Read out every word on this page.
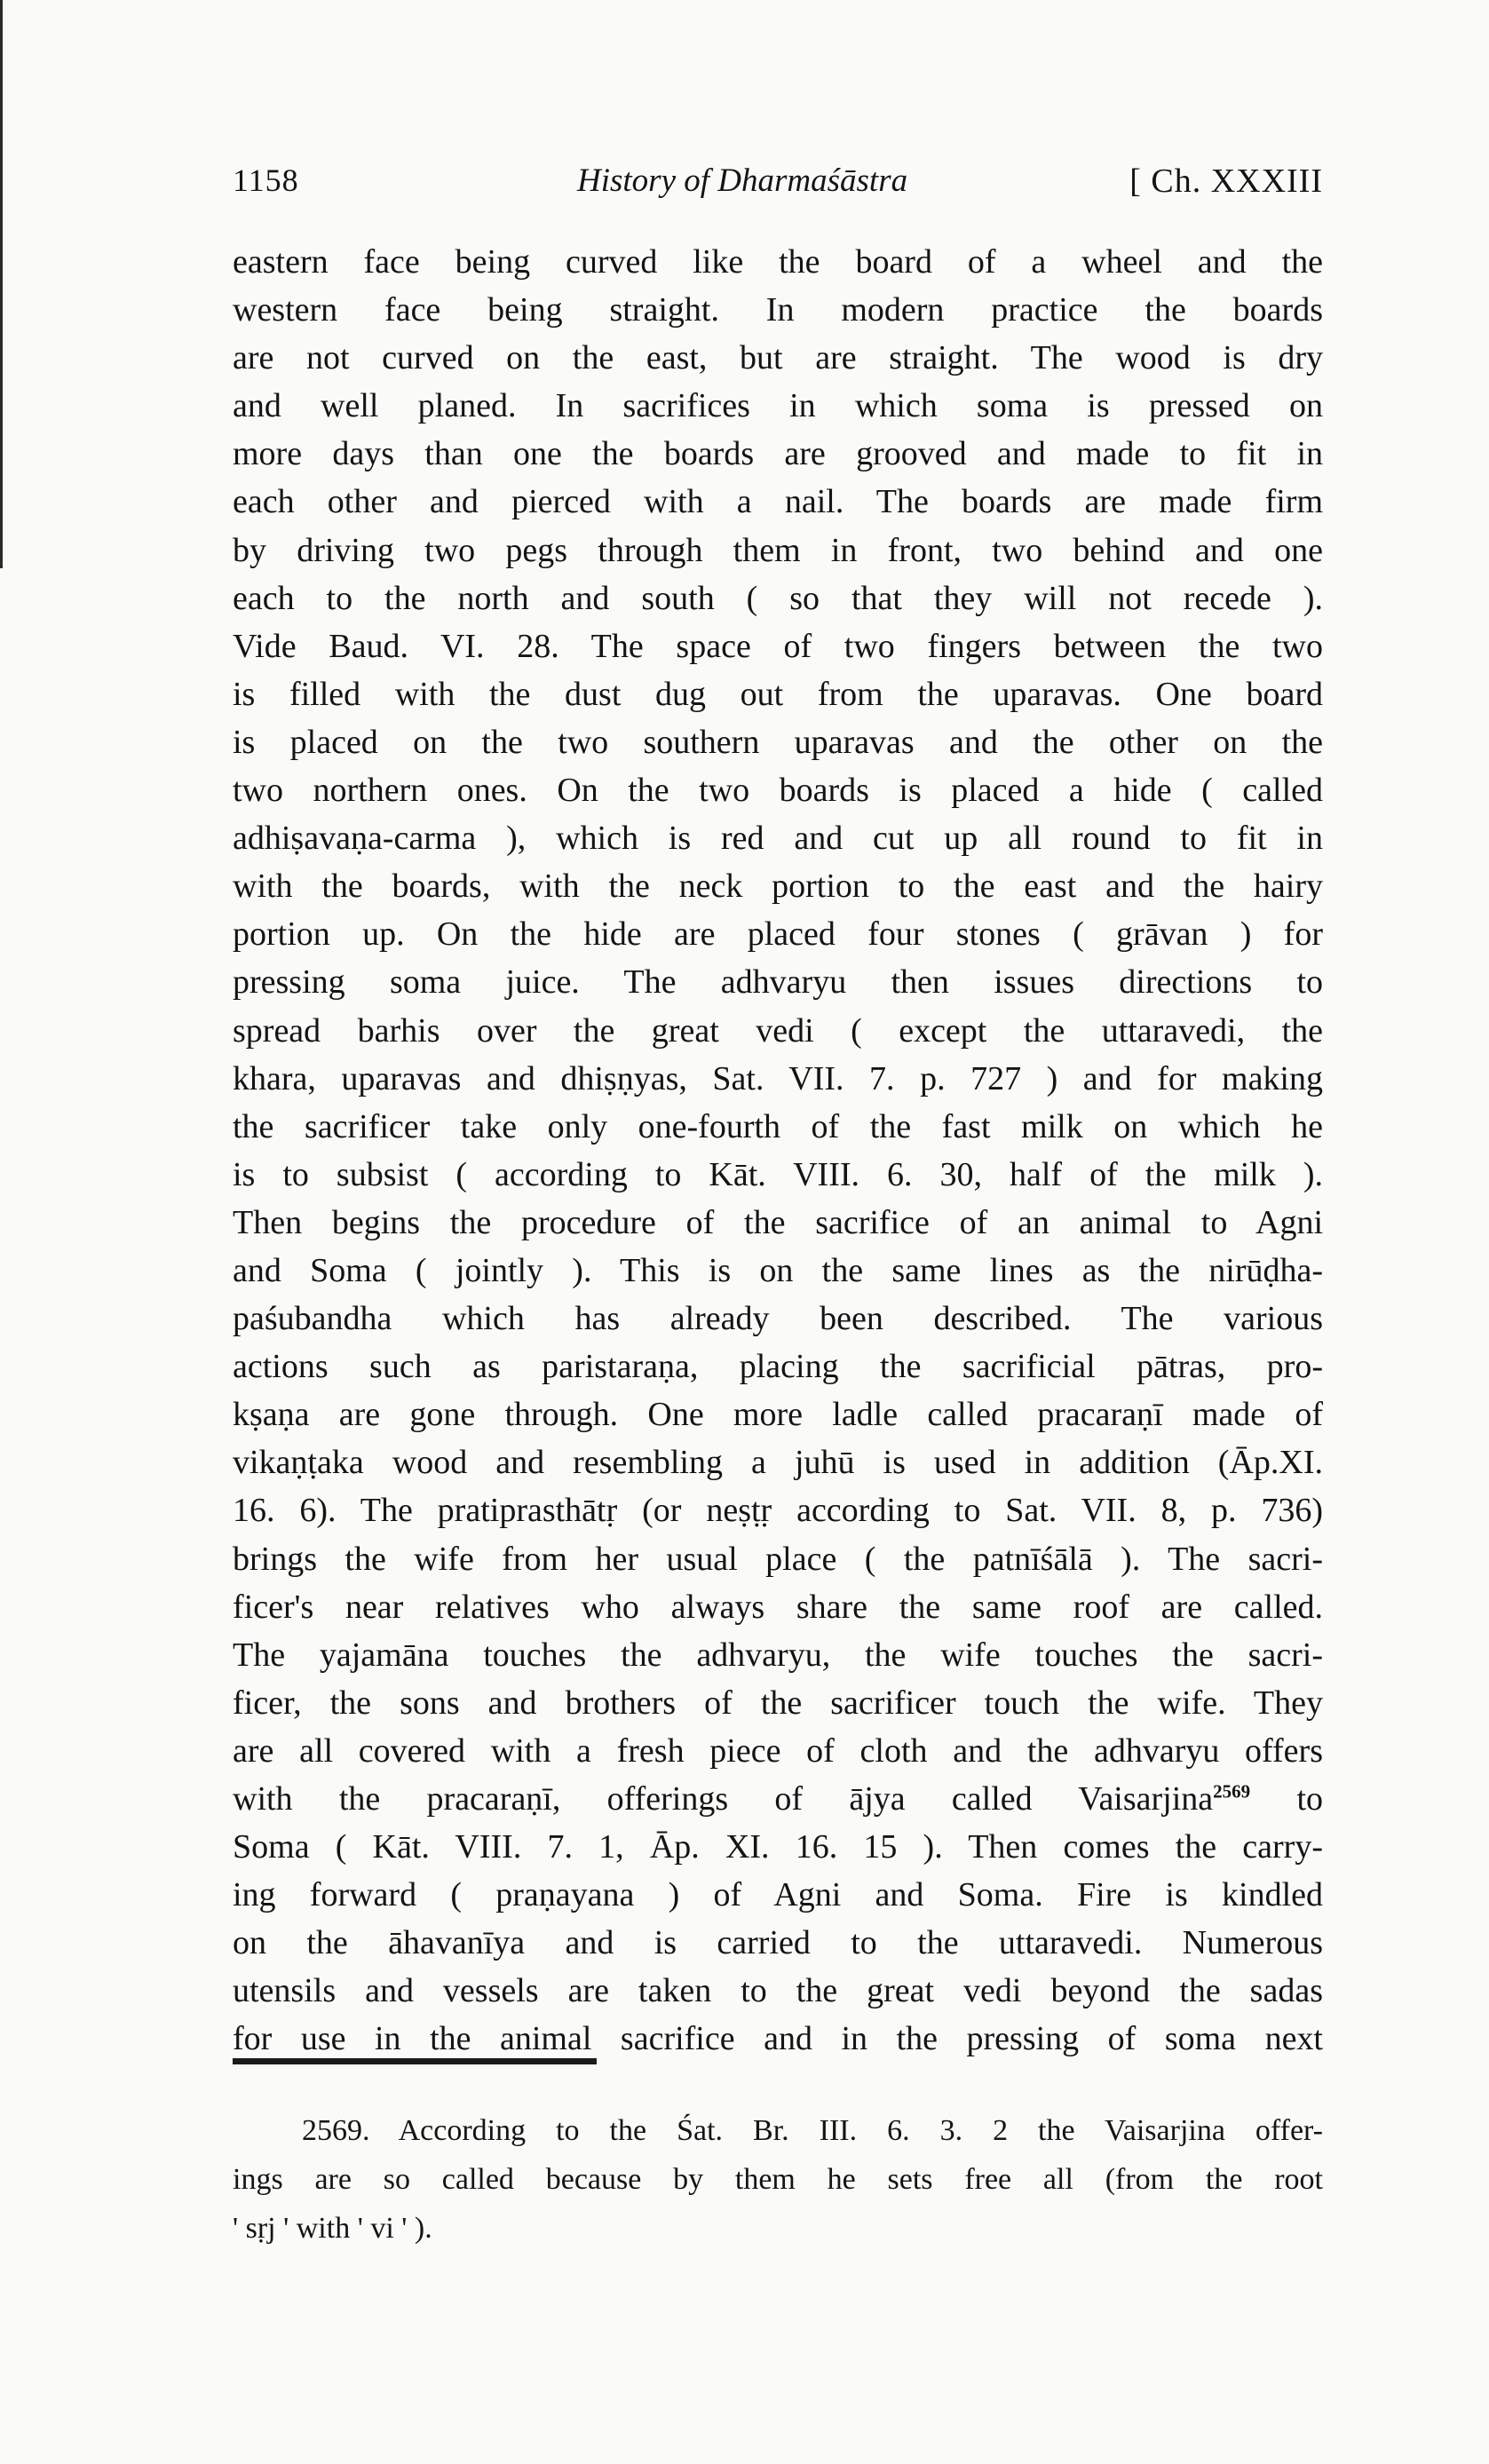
1158	History of Dharmaśāstra	[ Ch. XXXIII
eastern face being curved like the board of a wheel and the
western face being straight. In modern practice the boards
are not curved on the east, but are straight. The wood is dry
and well planed. In sacrifices in which soma is pressed on
more days than one the boards are grooved and made to fit in
each other and pierced with a nail. The boards are made firm
by driving two pegs through them in front, two behind and one
each to the north and south ( so that they will not recede ).
Vide Baud. VI. 28. The space of two fingers between the two
is filled with the dust dug out from the uparavas. One board
is placed on the two southern uparavas and the other on the
two northern ones. On the two boards is placed a hide ( called
adhiṣavaṇa-carma ), which is red and cut up all round to fit in
with the boards, with the neck portion to the east and the hairy
portion up. On the hide are placed four stones ( grāvan ) for
pressing soma juice. The adhvaryu then issues directions to
spread barhis over the great vedi ( except the uttaravedi, the
khara, uparavas and dhiṣṇyas, Sat. VII. 7. p. 727 ) and for making
the sacrificer take only one-fourth of the fast milk on which he
is to subsist ( according to Kāt. VIII. 6. 30, half of the milk ).
Then begins the procedure of the sacrifice of an animal to Agni
and Soma ( jointly ). This is on the same lines as the nirūḍha-
paśubandha which has already been described. The various
actions such as paristaraṇa, placing the sacrificial pātras, pro-
kṣaṇa are gone through. One more ladle called pracaraṇī made of
vikaṇṭaka wood and resembling a juhū is used in addition (Āp.XI.
16. 6). The pratiprasthātṛ (or neṣṭṛ according to Sat. VII. 8, p. 736)
brings the wife from her usual place ( the patnīśālā ). The sacri-
ficer's near relatives who always share the same roof are called.
The yajamāna touches the adhvaryu, the wife touches the sacri-
ficer, the sons and brothers of the sacrificer touch the wife. They
are all covered with a fresh piece of cloth and the adhvaryu offers
with the pracaraṇī, offerings of ājya called Vaisarjina$^{2569}$ to
Soma ( Kāt. VIII. 7. 1, Āp. XI. 16. 15 ). Then comes the carry-
ing forward ( praṇayana ) of Agni and Soma. Fire is kindled
on the āhavanīya and is carried to the uttaravedi. Numerous
utensils and vessels are taken to the great vedi beyond the sadas
for use in the animal sacrifice and in the pressing of soma next
2569. According to the Śat. Br. III. 6. 3. 2 the Vaisarjina offer-
ings are so called because by them he sets free all (from the root
' sṛj ' with ' vi ' ).
